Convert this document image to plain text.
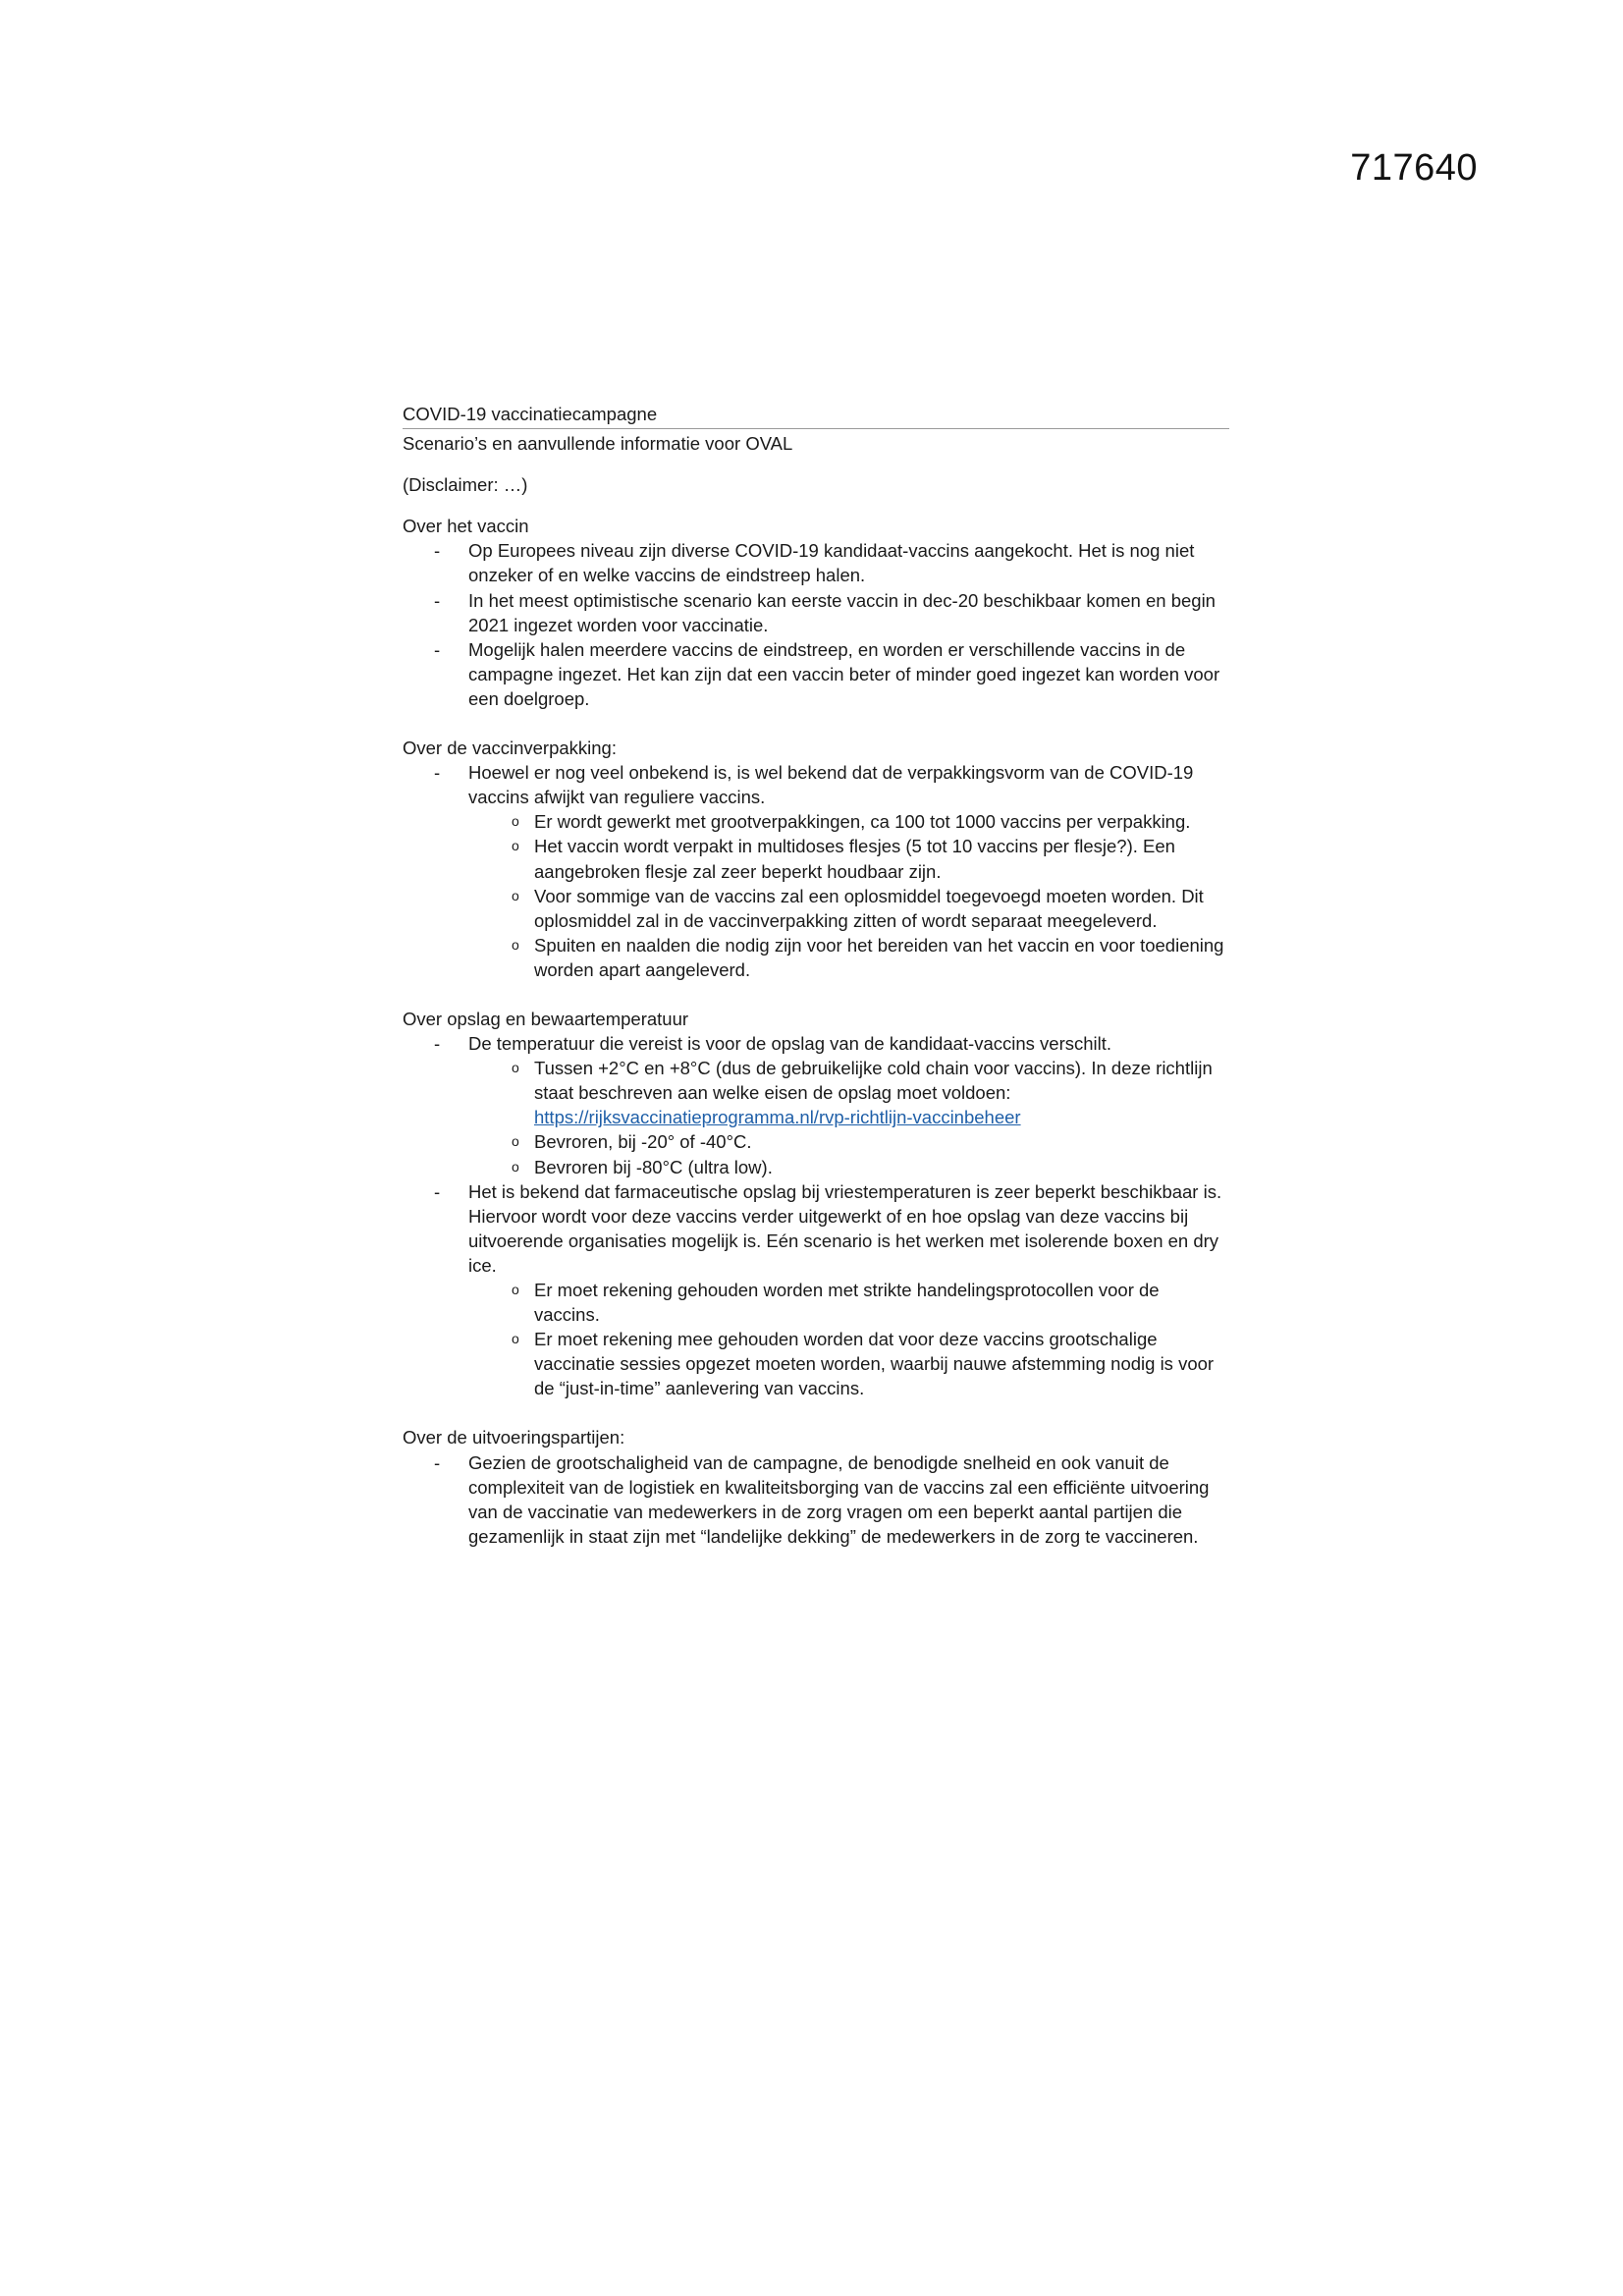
717640

COVID-19 vaccinatiecampagne

Scenario’s en aanvullende informatie voor OVAL

(Disclaimer: …)

Over het vaccin

- Op Europees niveau zijn diverse COVID-19 kandidaat-vaccins aangekocht. Het is nog niet onzeker of en welke vaccins de eindstreep halen.
- In het meest optimistische scenario kan eerste vaccin in dec-20 beschikbaar komen en begin 2021 ingezet worden voor vaccinatie.
- Mogelijk halen meerdere vaccins de eindstreep, en worden er verschillende vaccins in de campagne ingezet. Het kan zijn dat een vaccin beter of minder goed ingezet kan worden voor een doelgroep.

Over de vaccinverpakking:

- Hoewel er nog veel onbekend is, is wel bekend dat de verpakkingsvorm van de COVID-19 vaccins afwijkt van reguliere vaccins.
o Er wordt gewerkt met grootverpakkingen, ca 100 tot 1000 vaccins per verpakking.
o Het vaccin wordt verpakt in multidoses flesjes (5 tot 10 vaccins per flesje?). Een aangebroken flesje zal zeer beperkt houdbaar zijn.
o Voor sommige van de vaccins zal een oplosmiddel toegevoegd moeten worden. Dit oplosmiddel zal in de vaccinverpakking zitten of wordt separaat meegeleverd.
o Spuiten en naalden die nodig zijn voor het bereiden van het vaccin en voor toediening worden apart aangeleverd.

Over opslag en bewaartemperatuur

- De temperatuur die vereist is voor de opslag van de kandidaat-vaccins verschilt.
o Tussen +2°C en +8°C (dus de gebruikelijke cold chain voor vaccins). In deze richtlijn staat beschreven aan welke eisen de opslag moet voldoen:
https://rijksvaccinatieprogramma.nl/rvp-richtlijn-vaccinbeheer
o Bevroren, bij -20° of -40°C.
o Bevroren bij -80°C (ultra low).
- Het is bekend dat farmaceutische opslag bij vriestemperaturen is zeer beperkt beschikbaar is. Hiervoor wordt voor deze vaccins verder uitgewerkt of en hoe opslag van deze vaccins bij uitvoerende organisaties mogelijk is. Eén scenario is het werken met isolerende boxen en dry ice.
o Er moet rekening gehouden worden met strikte handelingsprotocollen voor de vaccins.
o Er moet rekening mee gehouden worden dat voor deze vaccins grootschalige vaccinatie sessies opgezet moeten worden, waarbij nauwe afstemming nodig is voor de “just-in-time” aanlevering van vaccins.

Over de uitvoeringspartijen:

- Gezien de grootschaligheid van de campagne, de benodigde snelheid en ook vanuit de complexiteit van de logistiek en kwaliteitsborging van de vaccins zal een efficiënte uitvoering van de vaccinatie van medewerkers in de zorg vragen om een beperkt aantal partijen die gezamenlijk in staat zijn met “landelijke dekking” de medewerkers in de zorg te vaccineren.
